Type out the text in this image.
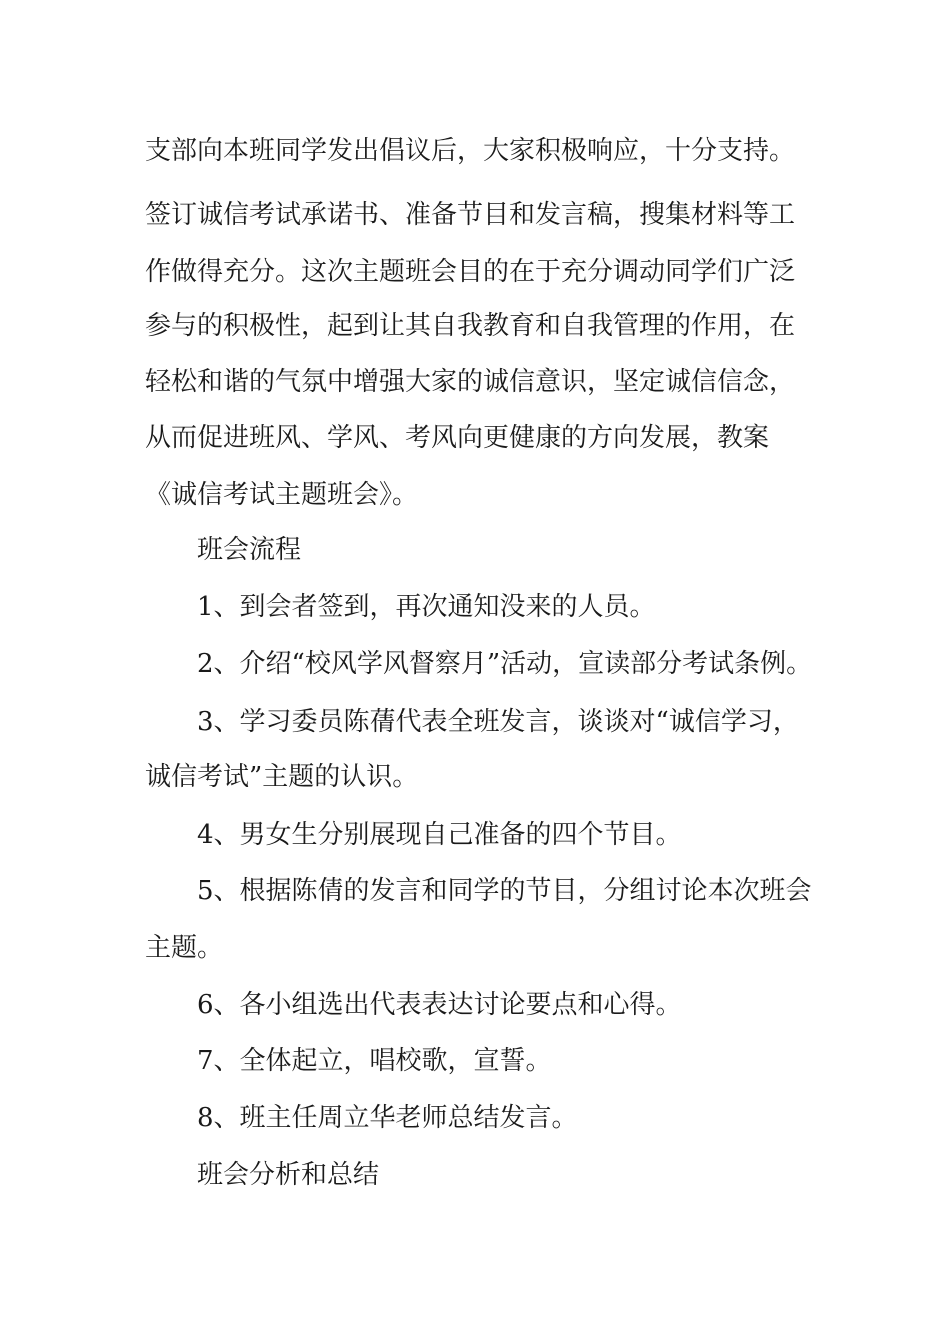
支部向本班同学发出倡议后，大家积极响应，十分支持。
签订诚信考试承诺书、准备节目和发言稿，搜集材料等工
作做得充分。这次主题班会目的在于充分调动同学们广泛
参与的积极性，起到让其自我教育和自我管理的作用，在
轻松和谐的气氛中增强大家的诚信意识，坚定诚信信念，
从而促进班风、学风、考风向更健康的方向发展，教案
《诚信考试主题班会》。
班会流程
1、到会者签到，再次通知没来的人员。
2、介绍“校风学风督察月”活动，宣读部分考试条例。
3、学习委员陈蒨代表全班发言，谈谈对“诚信学习，
诚信考试”主题的认识。
4、男女生分别展现自己准备的四个节目。
5、根据陈倩的发言和同学的节目，分组讨论本次班会
主题。
6、各小组选出代表表达讨论要点和心得。
7、全体起立，唱校歌，宣誓。
8、班主任周立华老师总结发言。
班会分析和总结
